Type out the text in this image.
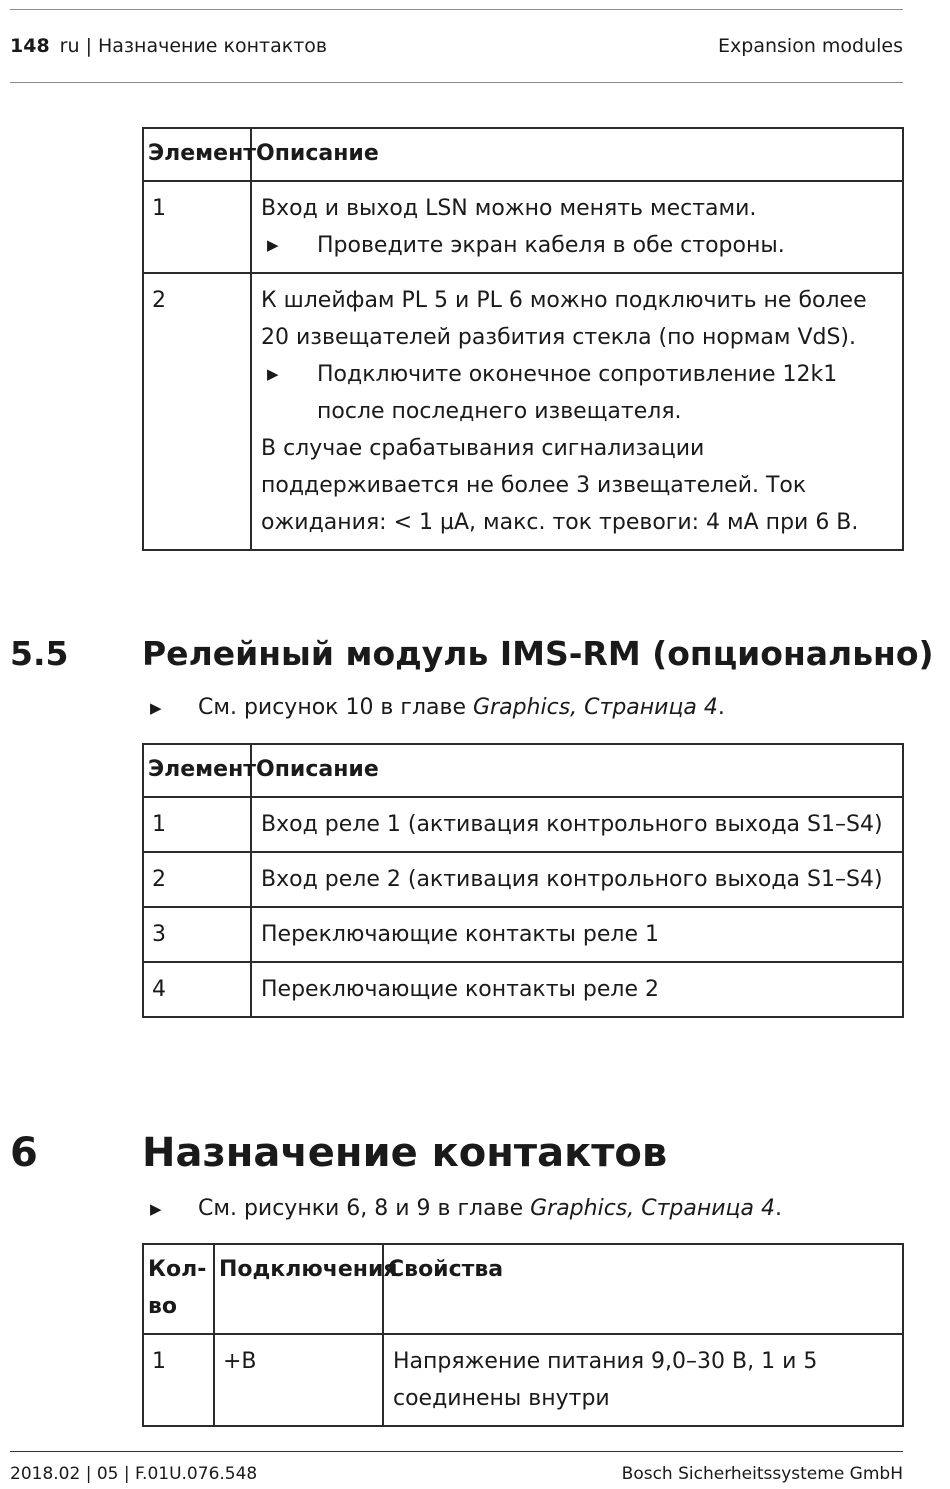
148 ru | Назначение контактов	Expansion modules
Элемент	Описание
1	Вход и выход LSN можно менять местами.
▶ Проведите экран кабеля в обе стороны.

2	К шлейфам PL 5 и PL 6 можно подключить не более 20 извещателей разбития стекла (по нормам VdS).
▶ Подключите оконечное сопротивление 12k1 после последнего извещателя.
В случае срабатывания сигнализации поддерживается не более 3 извещателей. Ток ожидания: < 1 µA, макс. ток тревоги: 4 мА при 6 В.
5.5 Релейный модуль IMS-RM (опционально)
▶	См. рисунок 10 в главе Graphics, Страница 4.
Элемент	Описание
1	Вход реле 1 (активация контрольного выхода S1–S4)
2	Вход реле 2 (активация контрольного выхода S1–S4)
3	Переключающие контакты реле 1
4	Переключающие контакты реле 2
6	Назначение контактов
▶	См. рисунки 6, 8 и 9 в главе Graphics, Страница 4.
Кол-во	Подключения	Свойства
1	+B	Напряжение питания 9,0–30 В, 1 и 5 соединены внутри
2018.02 | 05 | F.01U.076.548	Bosch Sicherheitssysteme GmbH
